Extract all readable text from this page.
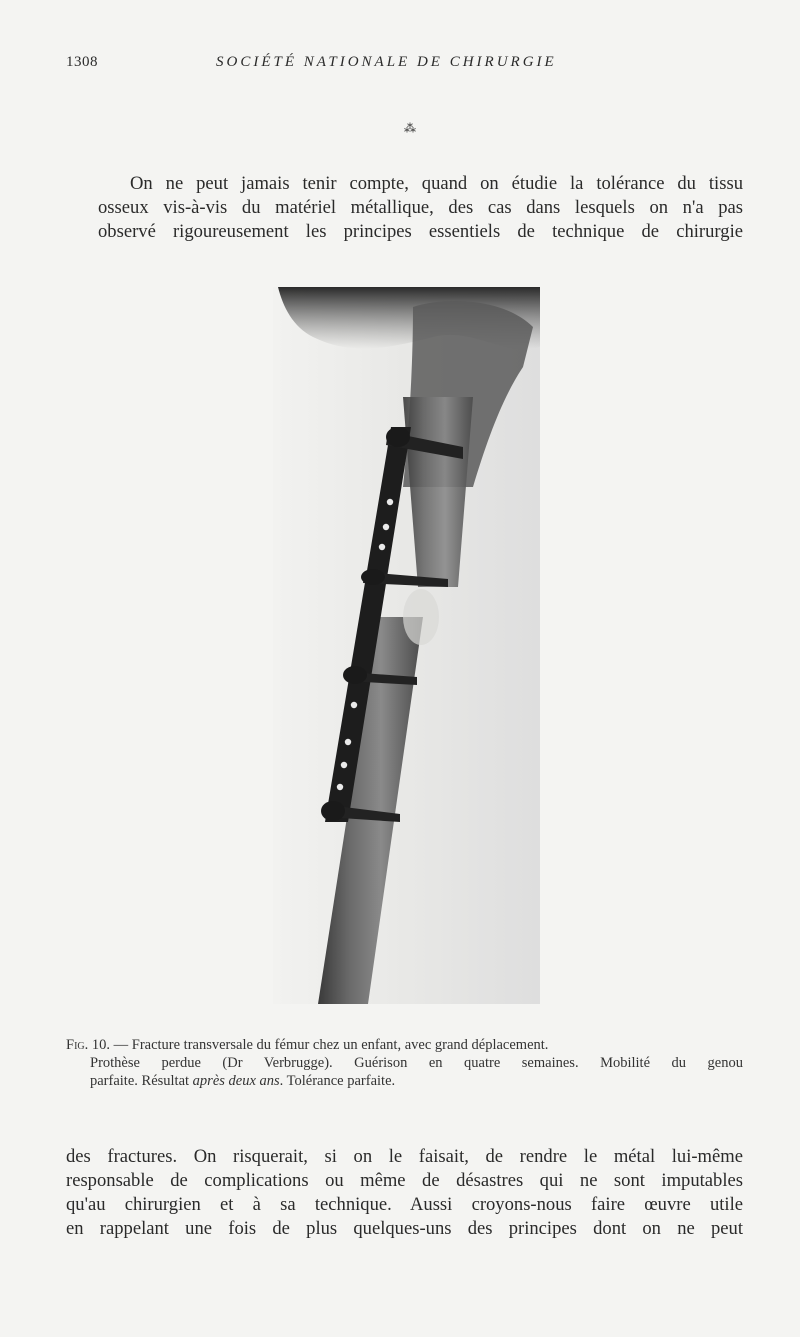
1308	SOCIÉTÉ NATIONALE DE CHIRURGIE
⁂
On ne peut jamais tenir compte, quand on étudie la tolérance du tissu
osseux vis-à-vis du matériel métallique, des cas dans lesquels on n'a pas
observé rigoureusement les principes essentiels de technique de chirurgie
Fig. 10. — Fracture transversale du fémur chez un enfant, avec grand déplacement.
Prothèse perdue (Dr Verbrugge). Guérison en quatre semaines. Mobilité du genou
parfaite. Résultat après deux ans. Tolérance parfaite.
des fractures. On risquerait, si on le faisait, de rendre le métal lui-même
responsable de complications ou même de désastres qui ne sont imputables
qu'au chirurgien et à sa technique. Aussi croyons-nous faire œuvre utile
en rappelant une fois de plus quelques-uns des principes dont on ne peut
